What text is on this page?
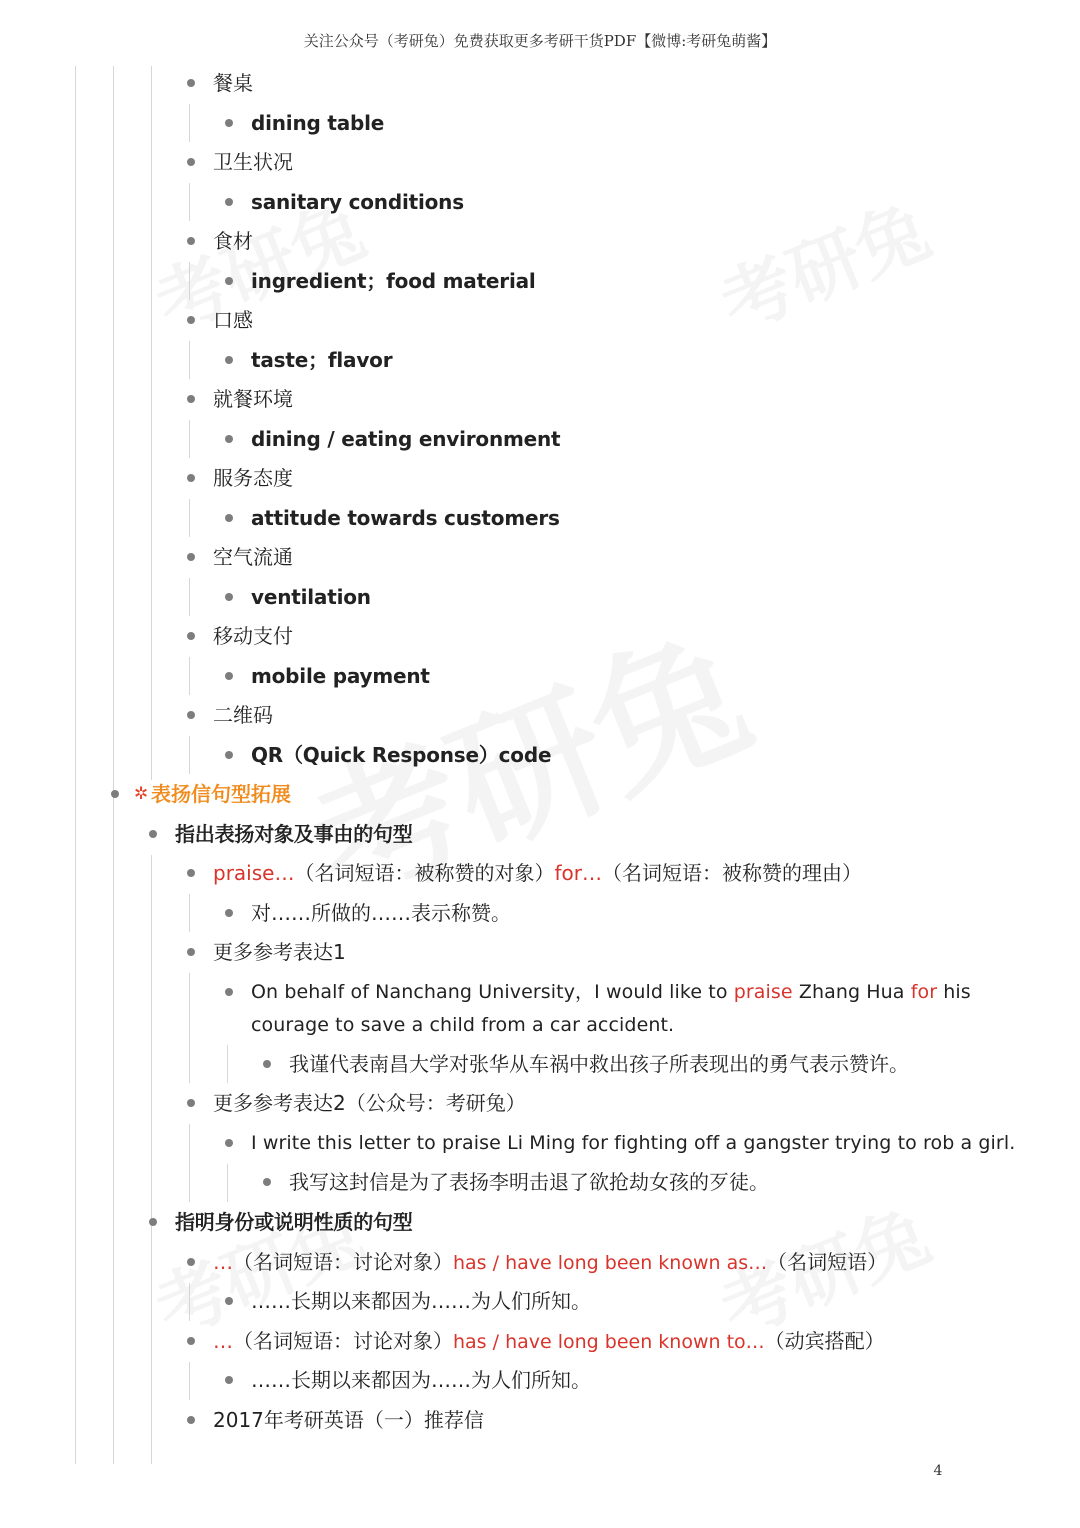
关注公众号（考研兔）免费获取更多考研干货PDF【微博:考研兔萌酱】
餐桌
dining table
卫生状况
sanitary conditions
食材
ingredient；food material
口感
taste；flavor
就餐环境
dining / eating environment
服务态度
attitude towards customers
空气流通
ventilation
移动支付
mobile payment
二维码
QR（Quick Response）code
✲ 表扬信句型拓展
指出表扬对象及事由的句型
praise…（名词短语：被称赞的对象）for…（名词短语：被称赞的理由）
对……所做的……表示称赞。
更多参考表达1
On behalf of Nanchang University，I would like to praise Zhang Hua for his
courage to save a child from a car accident.
我谨代表南昌大学对张华从车祸中救出孩子所表现出的勇气表示赞许。
更多参考表达2（公众号：考研兔）
I write this letter to praise Li Ming for fighting off a gangster trying to rob a girl.
我写这封信是为了表扬李明击退了欲抢劫女孩的歹徒。
指明身份或说明性质的句型
…（名词短语：讨论对象）has / have long been known as…（名词短语）
……长期以来都因为……为人们所知。
…（名词短语：讨论对象）has / have long been known to…（动宾搭配）
……长期以来都因为……为人们所知。
2017年考研英语（一）推荐信
4
